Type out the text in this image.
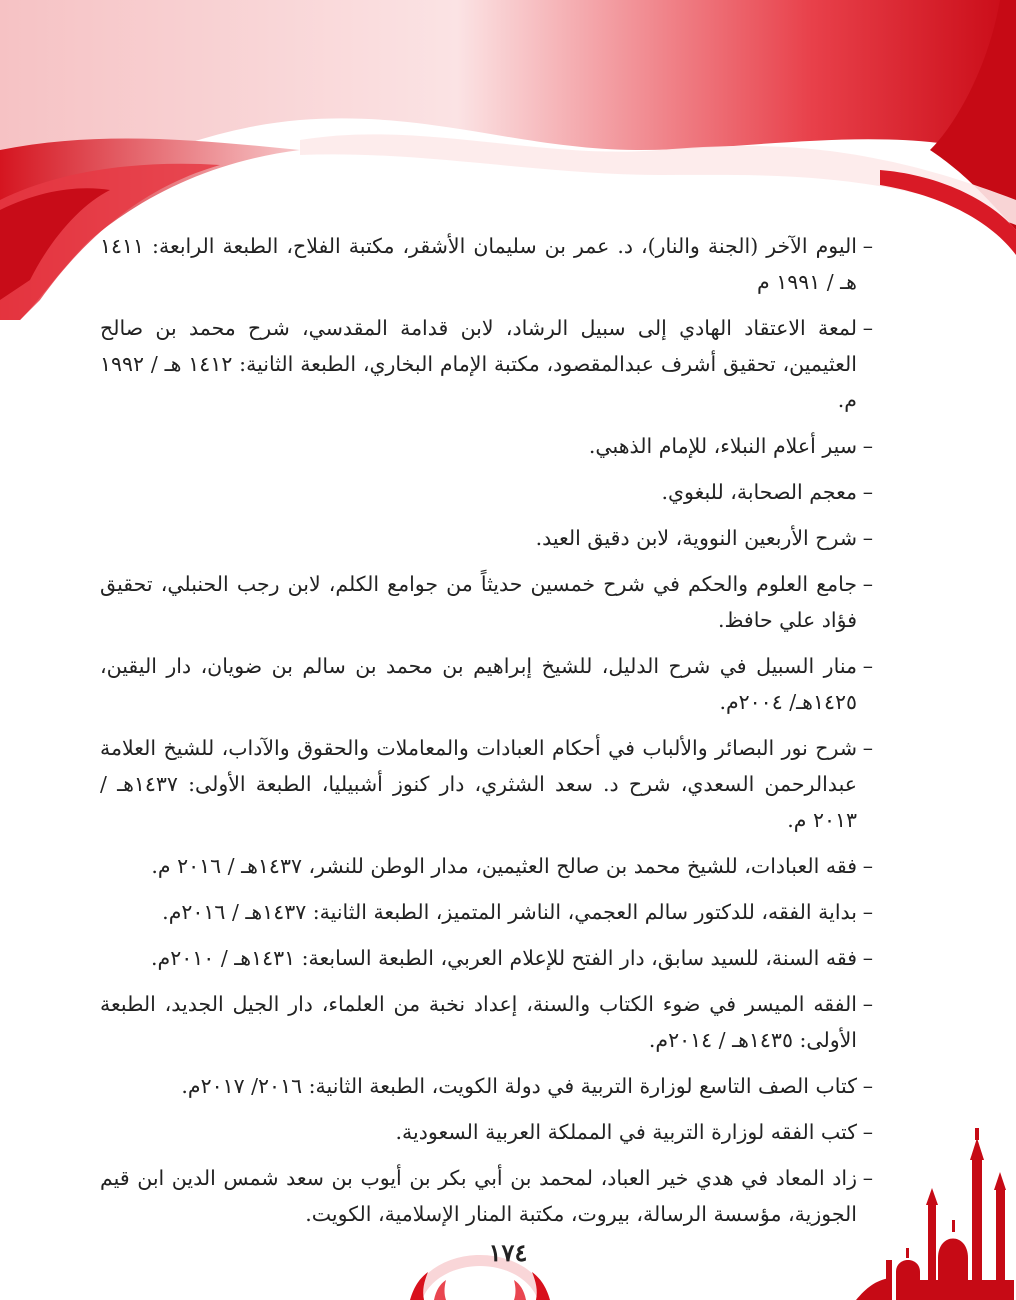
–
اليوم الآخر (الجنة والنار)، د. عمر بن سليمان الأشقر، مكتبة الفلاح، الطبعة الرابعة: ١٤١١ هـ / ١٩٩١ م

–
لمعة الاعتقاد الهادي إلى سبيل الرشاد، لابن قدامة المقدسي، شرح محمد بن صالح العثيمين، تحقيق أشرف عبدالمقصود، مكتبة الإمام البخاري، الطبعة الثانية: ١٤١٢ هـ / ١٩٩٢ م.

–
سير أعلام النبلاء، للإمام الذهبي.

–
معجم الصحابة، للبغوي.

–
شرح الأربعين النووية، لابن دقيق العيد.

–
جامع العلوم والحكم في شرح خمسين حديثاً من جوامع الكلم، لابن رجب الحنبلي، تحقيق فؤاد علي حافظ.

–
منار السبيل في شرح الدليل، للشيخ إبراهيم بن محمد بن سالم بن ضويان، دار اليقين، ١٤٢٥هـ/ ٢٠٠٤م.

–
شرح نور البصائر والألباب في أحكام العبادات والمعاملات والحقوق والآداب، للشيخ العلامة عبدالرحمن السعدي، شرح د. سعد الشثري، دار كنوز أشبيليا، الطبعة الأولى: ١٤٣٧هـ / ٢٠١٣ م.

–
فقه العبادات، للشيخ محمد بن صالح العثيمين، مدار الوطن للنشر، ١٤٣٧هـ / ٢٠١٦ م.

–
بداية الفقه، للدكتور سالم العجمي، الناشر المتميز، الطبعة الثانية: ١٤٣٧هـ / ٢٠١٦م.

–
فقه السنة، للسيد سابق، دار الفتح للإعلام العربي، الطبعة السابعة: ١٤٣١هـ / ٢٠١٠م.

–
الفقه الميسر في ضوء الكتاب والسنة، إعداد نخبة من العلماء، دار الجيل الجديد، الطبعة الأولى: ١٤٣٥هـ / ٢٠١٤م.

–
كتاب الصف التاسع لوزارة التربية في دولة الكويت، الطبعة الثانية: ٢٠١٦/ ٢٠١٧م.

–
كتب الفقه لوزارة التربية في المملكة العربية السعودية.

–
زاد المعاد في هدي خير العباد، لمحمد بن أبي بكر بن أيوب بن سعد شمس الدين ابن قيم الجوزية، مؤسسة الرسالة، بيروت، مكتبة المنار الإسلامية، الكويت.

١٧٤
